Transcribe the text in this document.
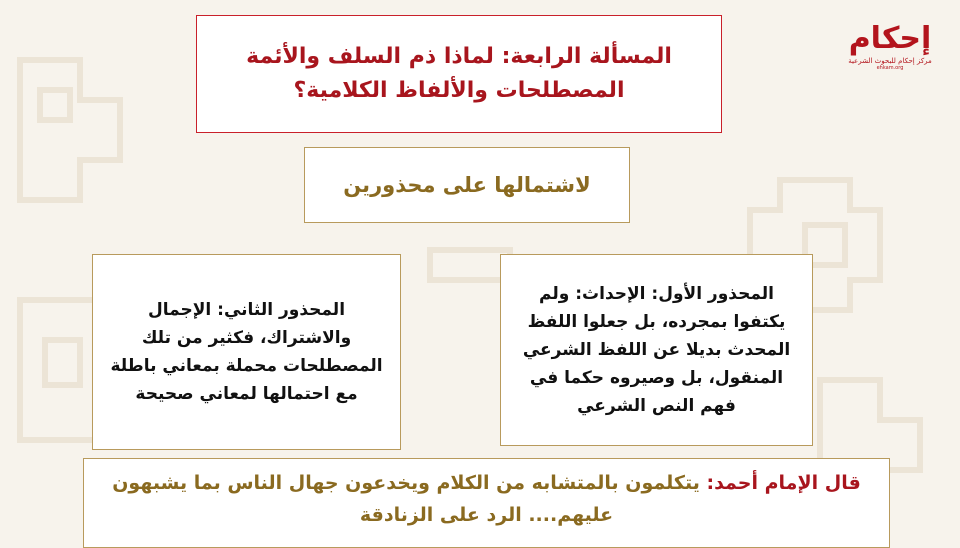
إحكام
مركز إحكام للبحوث الشرعية
ehkam.org
المسألة الرابعة: لماذا ذم السلف والأئمة
المصطلحات والألفاظ الكلامية؟
لاشتمالها على محذورين
المحذور الأول: الإحداث: ولم يكتفوا بمجرده، بل جعلوا اللفظ المحدث بديلا عن اللفظ الشرعي المنقول، بل وصيروه حكما في فهم النص الشرعي
المحذور الثاني: الإجمال والاشتراك، فكثير من تلك المصطلحات محملة بمعاني باطلة مع احتمالها لمعاني صحيحة
قال الإمام أحمد: يتكلمون بالمتشابه من الكلام ويخدعون جهال الناس بما يشبهون عليهم.... الرد على الزنادقة
